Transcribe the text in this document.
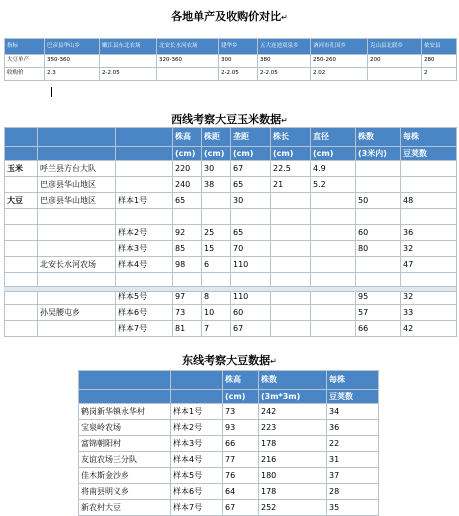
各地单产及收购价对比↵
指标	巴彦县华山乡	嫩江县东北农场	北安长水河农场	建华乡	五大连池双泉乡	讷河市孔国乡	克山县北联乡	依安县
大豆单产	350-360		320-360	300	380	250-260	200	280
收购价	2.3	2-2.05		2-2.05	2-2.05	2.02		2
西线考察大豆玉米数据↵
			株高	株距	垄距	株长	直径	株数	每株
			(cm)	(cm)	(cm)	(cm)	(cm)	(3米内)	豆荚数
玉米	呼兰县方台大队		220	30	67	22.5	4.9		
	巴彦县华山地区		240	38	65	21	5.2		
大豆	巴彦县华山地区	样本1号	65		30			50	48

		样本2号	92	25	65			60	36
		样本3号	85	15	70			80	32
	北安长水河农场	样本4号	98	6	110				47

		样本5号	97	8	110			95	32
	孙吴腰屯乡	样本6号	73	10	60			57	33
		样本7号	81	7	67			66	42
东线考察大豆数据↵
		株高	株数	每株
		(cm)	(3m*3m)	豆荚数
鹤岗新华镇永华村	样本1号	73	242	34
宝泉岭农场	样本2号	93	223	36
富锦朝阳村	样本3号	66	178	22
友谊农场三分队	样本4号	77	216	31
佳木斯金沙乡	样本5号	76	180	37
将南县明义乡	样本6号	64	178	28
新农村大豆	样本7号	67	252	35
